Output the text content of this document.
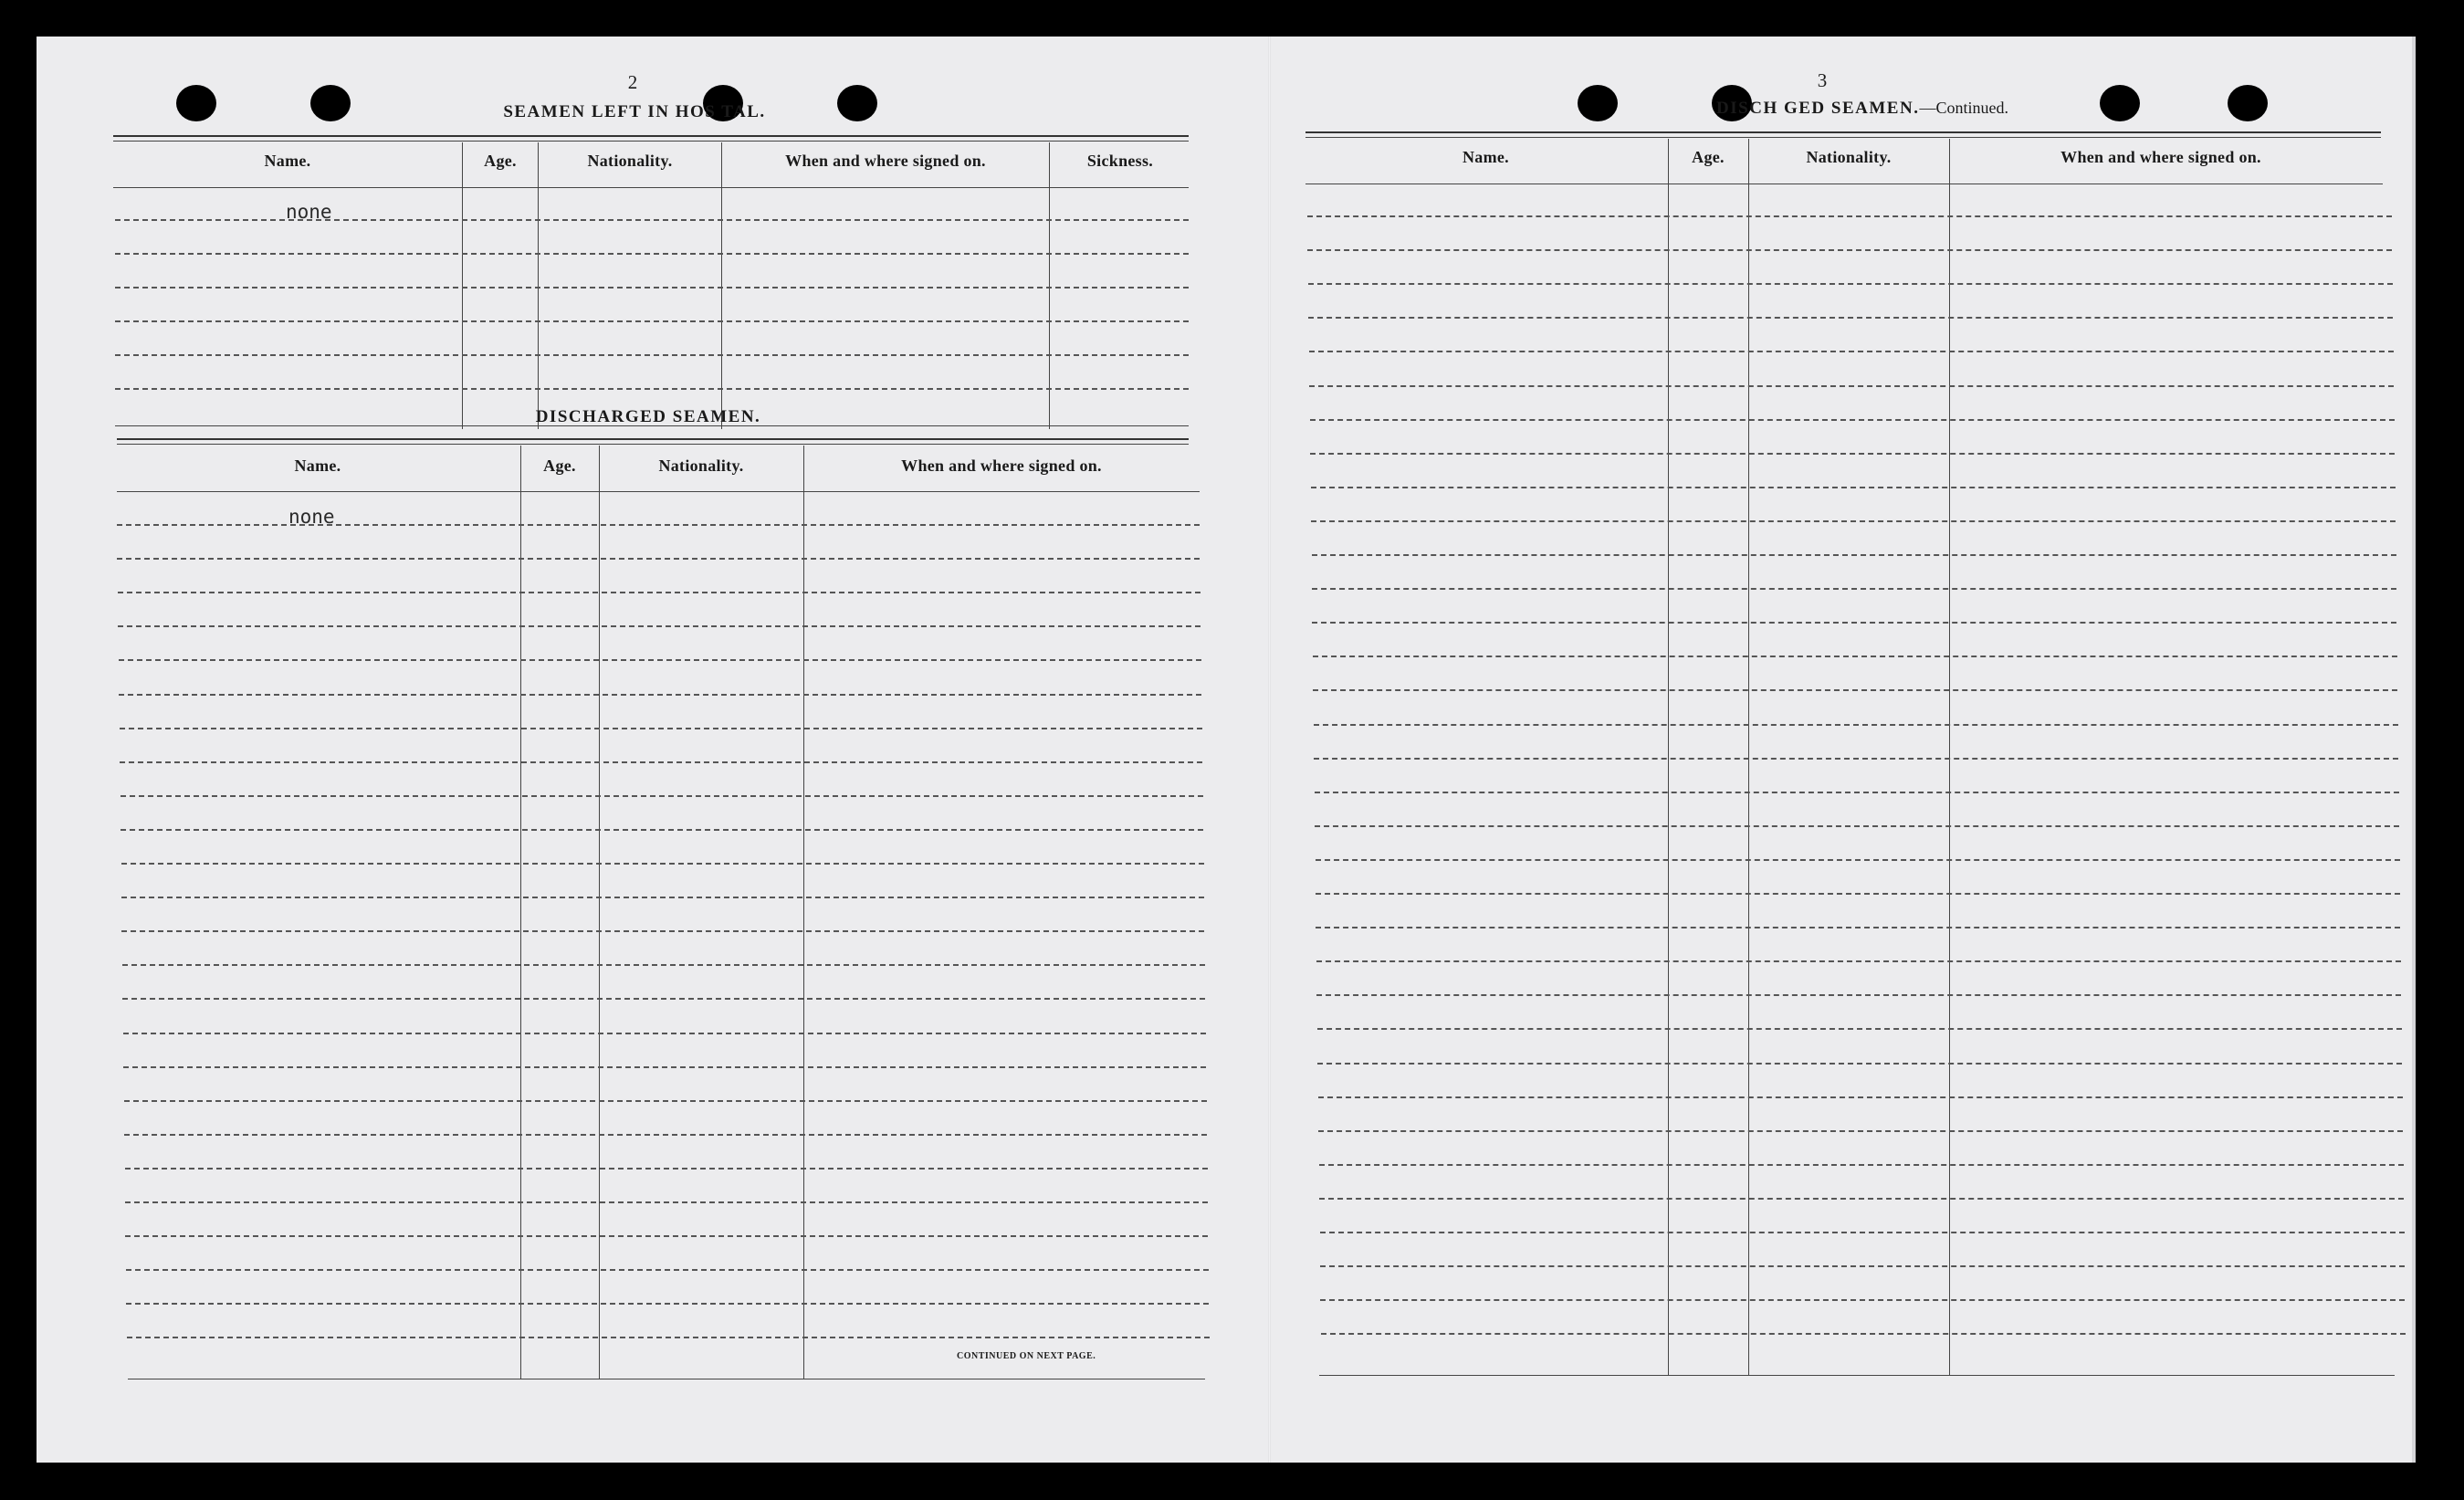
2
SEAMEN LEFT IN HOS TAL.
Name.	Age.	Nationality.	When and where signed on.	Sickness.
none
DISCHARGED SEAMEN.
Name.	Age.	Nationality.	When and where signed on.
none
CONTINUED ON NEXT PAGE.
3
DISCH GED SEAMEN.—Continued.
Name.	Age.	Nationality.	When and where signed on.
